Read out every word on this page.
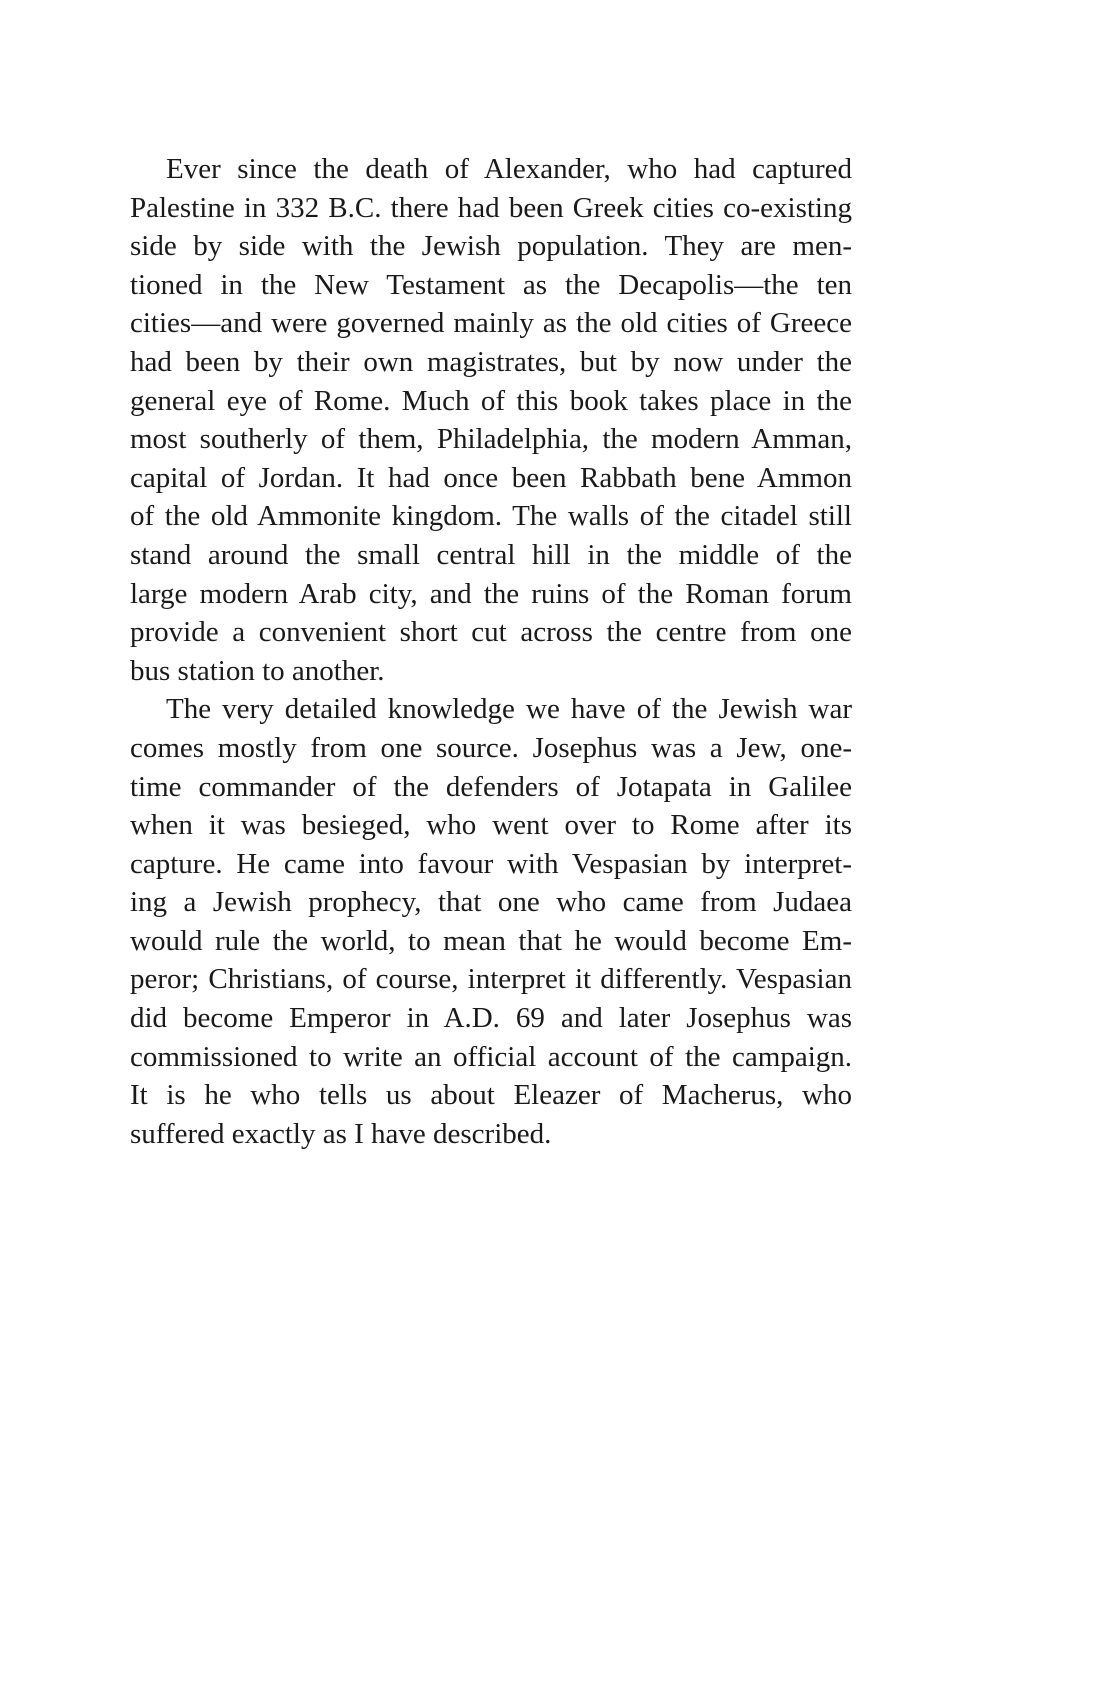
Ever since the death of Alexander, who had captured
Palestine in 332 B.C. there had been Greek cities co-existing
side by side with the Jewish population. They are men-
tioned in the New Testament as the Decapolis—the ten
cities—and were governed mainly as the old cities of Greece
had been by their own magistrates, but by now under the
general eye of Rome. Much of this book takes place in the
most southerly of them, Philadelphia, the modern Amman,
capital of Jordan. It had once been Rabbath bene Ammon
of the old Ammonite kingdom. The walls of the citadel still
stand around the small central hill in the middle of the
large modern Arab city, and the ruins of the Roman forum
provide a convenient short cut across the centre from one
bus station to another.
The very detailed knowledge we have of the Jewish war
comes mostly from one source. Josephus was a Jew, one-
time commander of the defenders of Jotapata in Galilee
when it was besieged, who went over to Rome after its
capture. He came into favour with Vespasian by interpret-
ing a Jewish prophecy, that one who came from Judaea
would rule the world, to mean that he would become Em-
peror; Christians, of course, interpret it differently. Vespasian
did become Emperor in A.D. 69 and later Josephus was
commissioned to write an official account of the campaign.
It is he who tells us about Eleazer of Macherus, who
suffered exactly as I have described.
